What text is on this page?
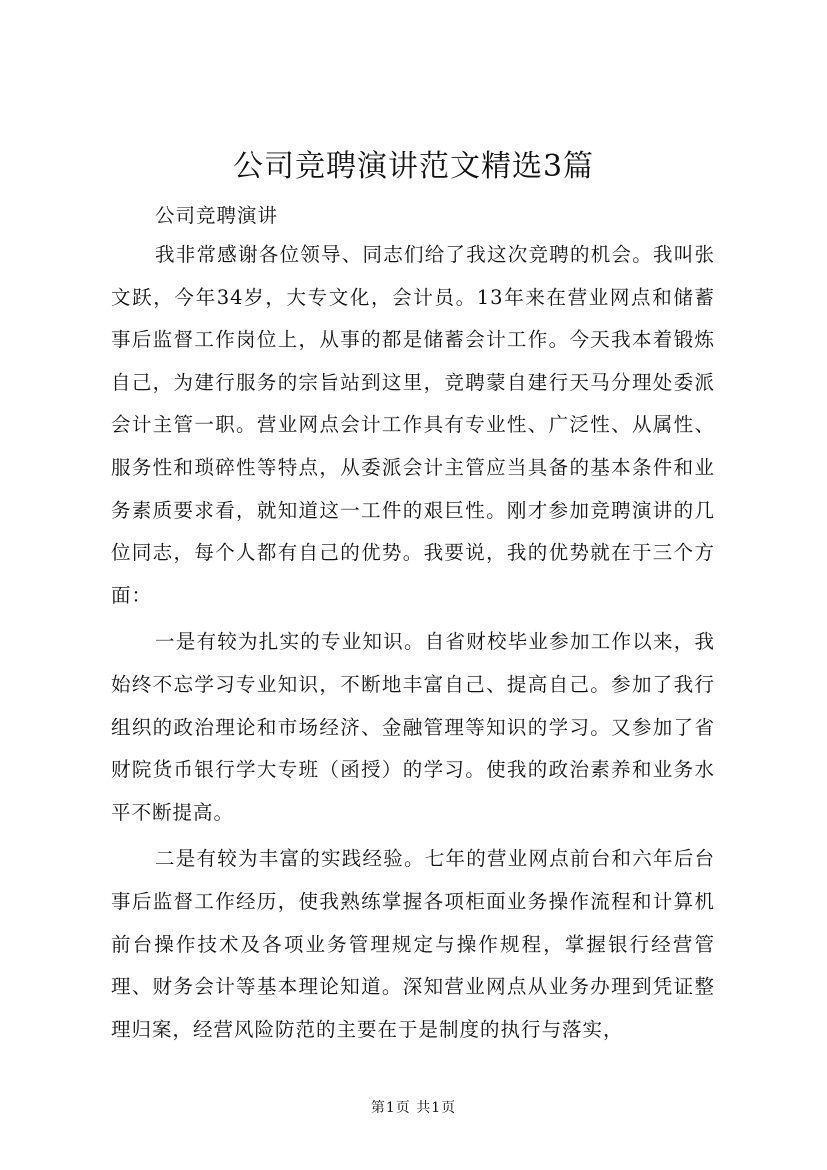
公司竞聘演讲范文精选3篇

公司竞聘演讲

我非常感谢各位领导、同志们给了我这次竞聘的机会。我叫张文跃，今年34岁，大专文化，会计员。13年来在营业网点和储蓄事后监督工作岗位上，从事的都是储蓄会计工作。今天我本着锻炼自己，为建行服务的宗旨站到这里，竞聘蒙自建行天马分理处委派会计主管一职。营业网点会计工作具有专业性、广泛性、从属性、服务性和琐碎性等特点，从委派会计主管应当具备的基本条件和业务素质要求看，就知道这一工件的艰巨性。刚才参加竞聘演讲的几位同志，每个人都有自己的优势。我要说，我的优势就在于三个方面：

一是有较为扎实的专业知识。自省财校毕业参加工作以来，我始终不忘学习专业知识，不断地丰富自己、提高自己。参加了我行组织的政治理论和市场经济、金融管理等知识的学习。又参加了省财院货币银行学大专班（函授）的学习。使我的政治素养和业务水平不断提高。

二是有较为丰富的实践经验。七年的营业网点前台和六年后台事后监督工作经历，使我熟练掌握各项柜面业务操作流程和计算机前台操作技术及各项业务管理规定与操作规程，掌握银行经营管理、财务会计等基本理论知道。深知营业网点从业务办理到凭证整理归案，经营风险防范的主要在于是制度的执行与落实，

第1页 共1页
